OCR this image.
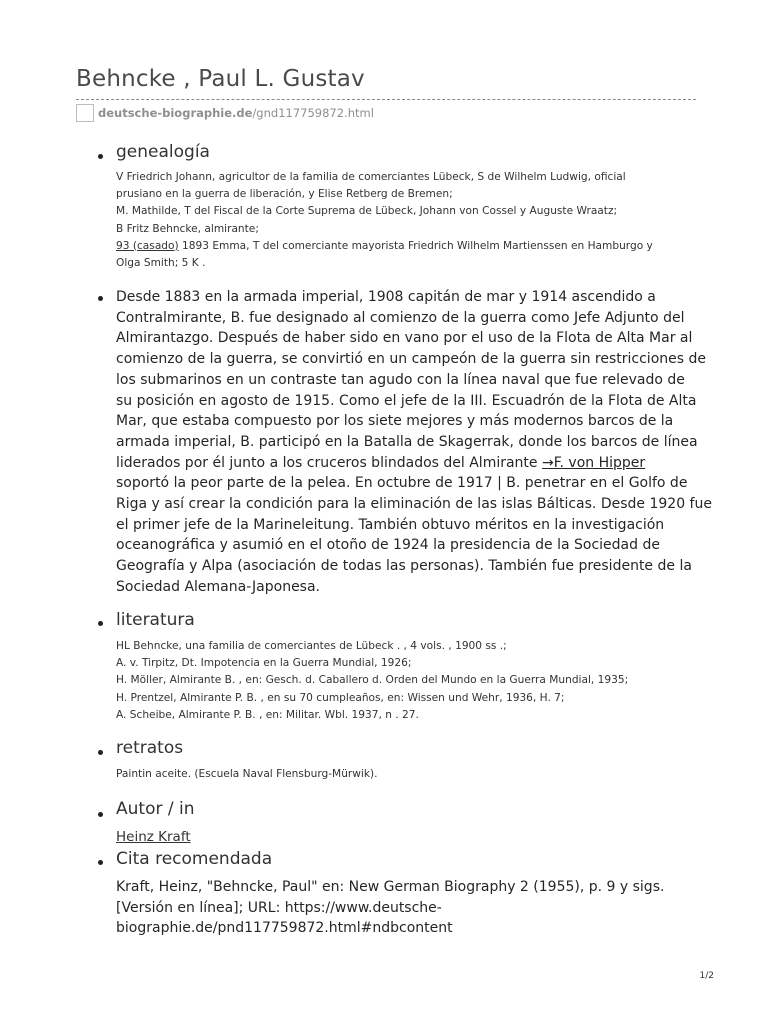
Behncke , Paul L. Gustav
deutsche-biographie.de/gnd117759872.html
genealogía
V Friedrich Johann, agricultor de la familia de comerciantes Lübeck, S de Wilhelm Ludwig, oficial
prusiano en la guerra de liberación, y Elise Retberg de Bremen;
M. Mathilde, T del Fiscal de la Corte Suprema de Lübeck, Johann von Cossel y Auguste Wraatz;
B Fritz Behncke, almirante;
93 (casado) 1893 Emma, T del comerciante mayorista Friedrich Wilhelm Martienssen en Hamburgo y
Olga Smith; 5 K .
Desde 1883 en la armada imperial, 1908 capitán de mar y 1914 ascendido a
Contralmirante, B. fue designado al comienzo de la guerra como Jefe Adjunto del
Almirantazgo. Después de haber sido en vano por el uso de la Flota de Alta Mar al
comienzo de la guerra, se convirtió en un campeón de la guerra sin restricciones de
los submarinos en un contraste tan agudo con la línea naval que fue relevado de
su posición en agosto de 1915. Como el jefe de la III. Escuadrón de la Flota de Alta
Mar, que estaba compuesto por los siete mejores y más modernos barcos de la
armada imperial, B. participó en la Batalla de Skagerrak, donde los barcos de línea
liderados por él junto a los cruceros blindados del Almirante →F. von Hipper
soportó la peor parte de la pelea. En octubre de 1917 | B. penetrar en el Golfo de
Riga y así crear la condición para la eliminación de las islas Bálticas. Desde 1920 fue
el primer jefe de la Marineleitung. También obtuvo méritos en la investigación
oceanográfica y asumió en el otoño de 1924 la presidencia de la Sociedad de
Geografía y Alpa (asociación de todas las personas). También fue presidente de la
Sociedad Alemana-Japonesa.
literatura
HL Behncke, una familia de comerciantes de Lübeck . , 4 vols. , 1900 ss .;
A. v. Tirpitz, Dt. Impotencia en la Guerra Mundial, 1926;
H. Möller, Almirante B. , en: Gesch. d. Caballero d. Orden del Mundo en la Guerra Mundial, 1935;
H. Prentzel, Almirante P. B. , en su 70 cumpleaños, en: Wissen und Wehr, 1936, H. 7;
A. Scheibe, Almirante P. B. , en: Militar. Wbl. 1937, n . 27.
retratos
Paintin aceite. (Escuela Naval Flensburg-Mürwik).
Autor / in
Heinz Kraft
Cita recomendada
Kraft, Heinz, "Behncke, Paul" en: New German Biography 2 (1955), p. 9 y sigs.
[Versión en línea]; URL: https://www.deutsche-
biographie.de/pnd117759872.html#ndbcontent
1/2
